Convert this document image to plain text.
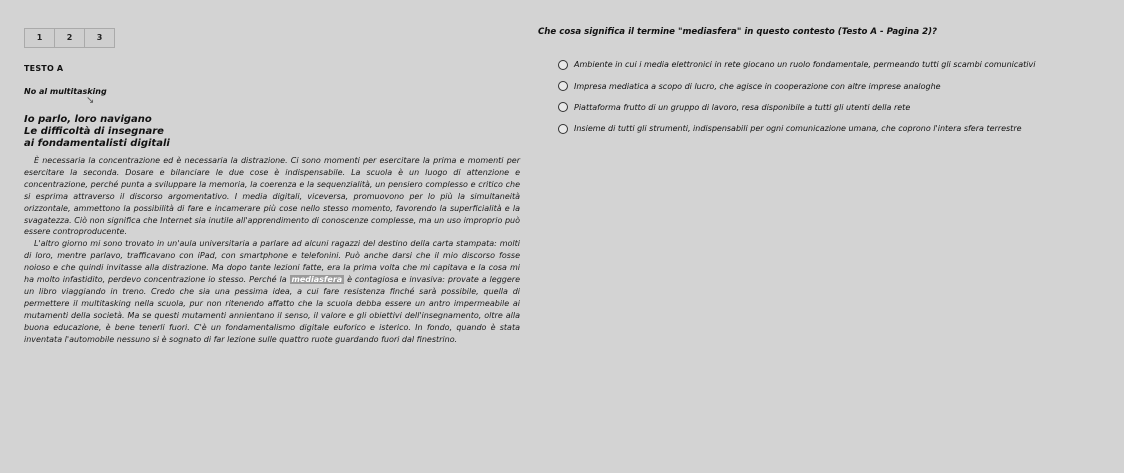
1	2	3
↘
TESTO A
No al multitasking
Io parlo, loro navigano
Le difficoltà di insegnare
ai fondamentalisti digitali

È necessaria la concentrazione ed è necessaria la distrazione. Ci sono momenti per esercitare la prima e momenti per esercitare la seconda. Dosare e bilanciare le due cose è indispensabile. La scuola è un luogo di attenzione e concentrazione, perché punta a sviluppare la memoria, la coerenza e la sequenzialità, un pensiero complesso e critico che si esprima attraverso il discorso argomentativo. I media digitali, viceversa, promuovono per lo più la simultaneità orizzontale, ammettono la possibilità di fare e incamerare più cose nello stesso momento, favorendo la superficialità e la svagatezza. Ciò non significa che Internet sia inutile all'apprendimento di conoscenze complesse, ma un uso improprio può essere controproducente.

L'altro giorno mi sono trovato in un'aula universitaria a parlare ad alcuni ragazzi del destino della carta stampata: molti di loro, mentre parlavo, trafficavano con iPad, con smartphone e telefonini. Può anche darsi che il mio discorso fosse noioso e che quindi invitasse alla distrazione. Ma dopo tante lezioni fatte, era la prima volta che mi capitava e la cosa mi ha molto infastidito, perdevo concentrazione io stesso. Perché la mediasfera è contagiosa e invasiva: provate a leggere un libro viaggiando in treno. Credo che sia una pessima idea, a cui fare resistenza finché sarà possibile, quella di permettere il multitasking nella scuola, pur non ritenendo affatto che la scuola debba essere un antro impermeabile ai mutamenti della società. Ma se questi mutamenti annientano il senso, il valore e gli obiettivi dell'insegnamento, oltre alla buona educazione, è bene tenerli fuori. C'è un fondamentalismo digitale euforico e isterico. In fondo, quando è stata inventata l'automobile nessuno si è sognato di far lezione sulle quattro ruote guardando fuori dal finestrino.

Che cosa significa il termine "mediasfera" in questo contesto (Testo A - Pagina 2)?
Ambiente in cui i media elettronici in rete giocano un ruolo fondamentale, permeando tutti gli scambi comunicativi
Impresa mediatica a scopo di lucro, che agisce in cooperazione con altre imprese analoghe
Piattaforma frutto di un gruppo di lavoro, resa disponibile a tutti gli utenti della rete
Insieme di tutti gli strumenti, indispensabili per ogni comunicazione umana, che coprono l'intera sfera terrestre
